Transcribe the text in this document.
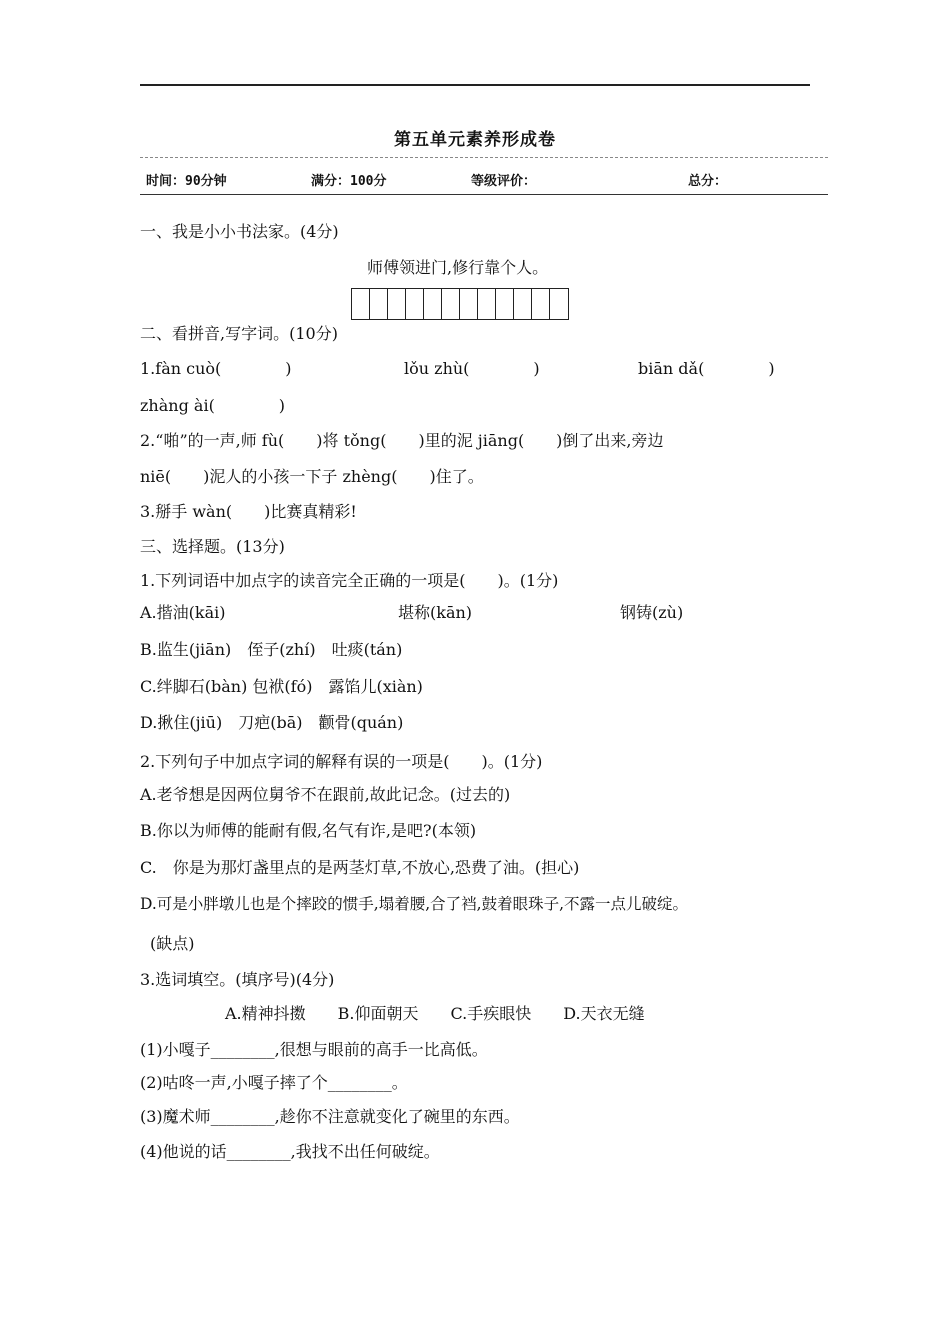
第五单元素养形成卷
时间：90分钟	满分：100分	等级评价：	总分：
一、我是小小书法家。(4分)
师傅领进门,修行靠个人。
二、看拼音,写字词。(10分)
1.fàn cuò(　　　　)	lǒu zhù(　　　　)	biān dǎ(　　　　)
zhàng ài(　　　　)
2.“啪”的一声,师 fù(　　)将 tǒng(　　)里的泥 jiāng(　　)倒了出来,旁边
niē(　　)泥人的小孩一下子 zhèng(　　)住了。
3.掰手 wàn(　　)比赛真精彩!
三、选择题。(13分)
1.下列词语中加点字的读音完全正确的一项是(　　)。(1分)
A.揩油(kāi)	堪称(kān)	钢铸(zù)
B.监生(jiān)　侄子(zhí)　吐痰(tán)
C.绊脚石(bàn) 包袱(fó)　露馅儿(xiàn)
D.揪住(jiū)　刀疤(bā)　颧骨(quán)
2.下列句子中加点字词的解释有误的一项是(　　)。(1分)
A.老爷想是因两位舅爷不在跟前,故此记念。(过去的)
B.你以为师傅的能耐有假,名气有诈,是吧?(本领)
C.　你是为那灯盏里点的是两茎灯草,不放心,恐费了油。(担心)
D.可是小胖墩儿也是个摔跤的惯手,塌着腰,合了裆,鼓着眼珠子,不露一点儿破绽。
(缺点)
3.选词填空。(填序号)(4分)
A.精神抖擞　　B.仰面朝天　　C.手疾眼快　　D.天衣无缝
(1)小嘎子________,很想与眼前的高手一比高低。
(2)咕咚一声,小嘎子摔了个________。
(3)魔术师________,趁你不注意就变化了碗里的东西。
(4)他说的话________,我找不出任何破绽。
